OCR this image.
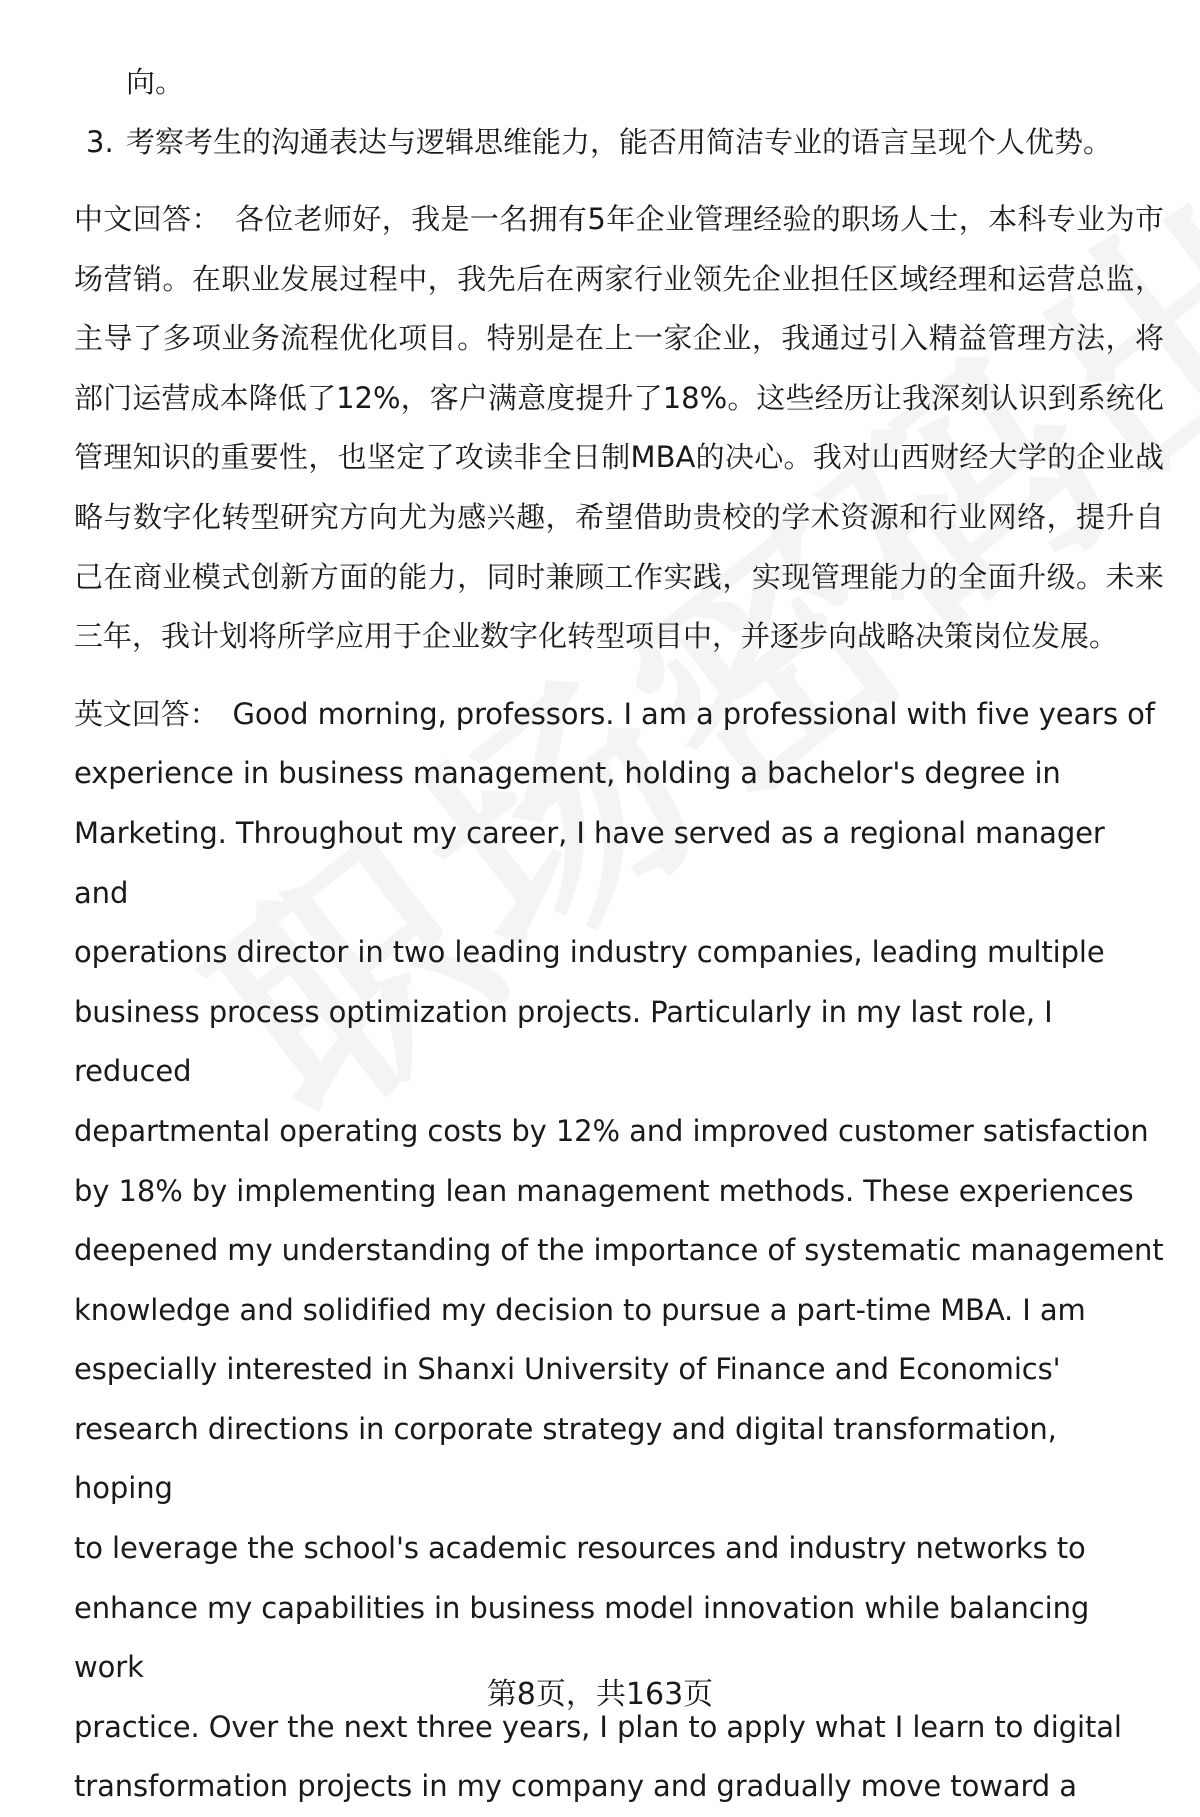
向。
3. 考察考生的沟通表达与逻辑思维能力，能否用简洁专业的语言呈现个人优势。
中文回答： 各位老师好，我是一名拥有5年企业管理经验的职场人士，本科专业为市场营销。在职业发展过程中，我先后在两家行业领先企业担任区域经理和运营总监，主导了多项业务流程优化项目。特别是在上一家企业，我通过引入精益管理方法，将部门运营成本降低了12%，客户满意度提升了18%。这些经历让我深刻认识到系统化管理知识的重要性，也坚定了攻读非全日制MBA的决心。我对山西财经大学的企业战略与数字化转型研究方向尤为感兴趣，希望借助贵校的学术资源和行业网络，提升自己在商业模式创新方面的能力，同时兼顾工作实践，实现管理能力的全面升级。未来三年，我计划将所学应用于企业数字化转型项目中，并逐步向战略决策岗位发展。
英文回答： Good morning, professors. I am a professional with five years of
experience in business management, holding a bachelor's degree in
Marketing. Throughout my career, I have served as a regional manager and
operations director in two leading industry companies, leading multiple
business process optimization projects. Particularly in my last role, I reduced
departmental operating costs by 12% and improved customer satisfaction
by 18% by implementing lean management methods. These experiences
deepened my understanding of the importance of systematic management
knowledge and solidified my decision to pursue a part-time MBA. I am
especially interested in Shanxi University of Finance and Economics'
research directions in corporate strategy and digital transformation, hoping
to leverage the school's academic resources and industry networks to
enhance my capabilities in business model innovation while balancing work
practice. Over the next three years, I plan to apply what I learn to digital
transformation projects in my company and gradually move toward a
第8页，共163页
